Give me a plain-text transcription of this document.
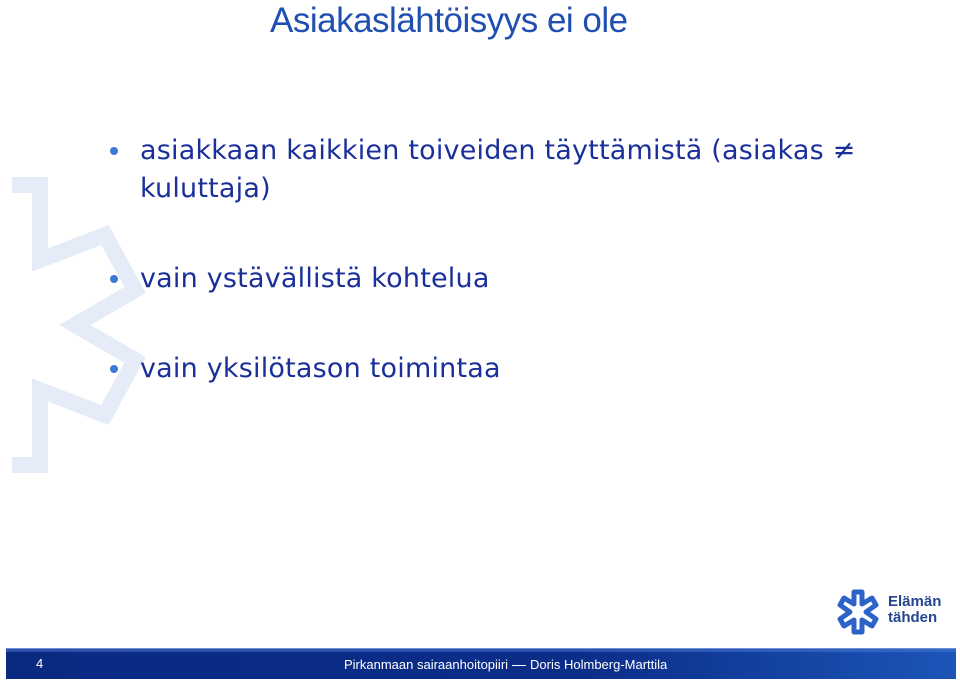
Asiakaslähtöisyys ei ole
asiakkaan kaikkien toiveiden täyttämistä (asiakas ≠ kuluttaja)
vain ystävällistä kohtelua
vain yksilötason toimintaa
Elämän
tähden
4	Pirkanmaan sairaanhoitopiiri Doris Holmberg-Marttila
